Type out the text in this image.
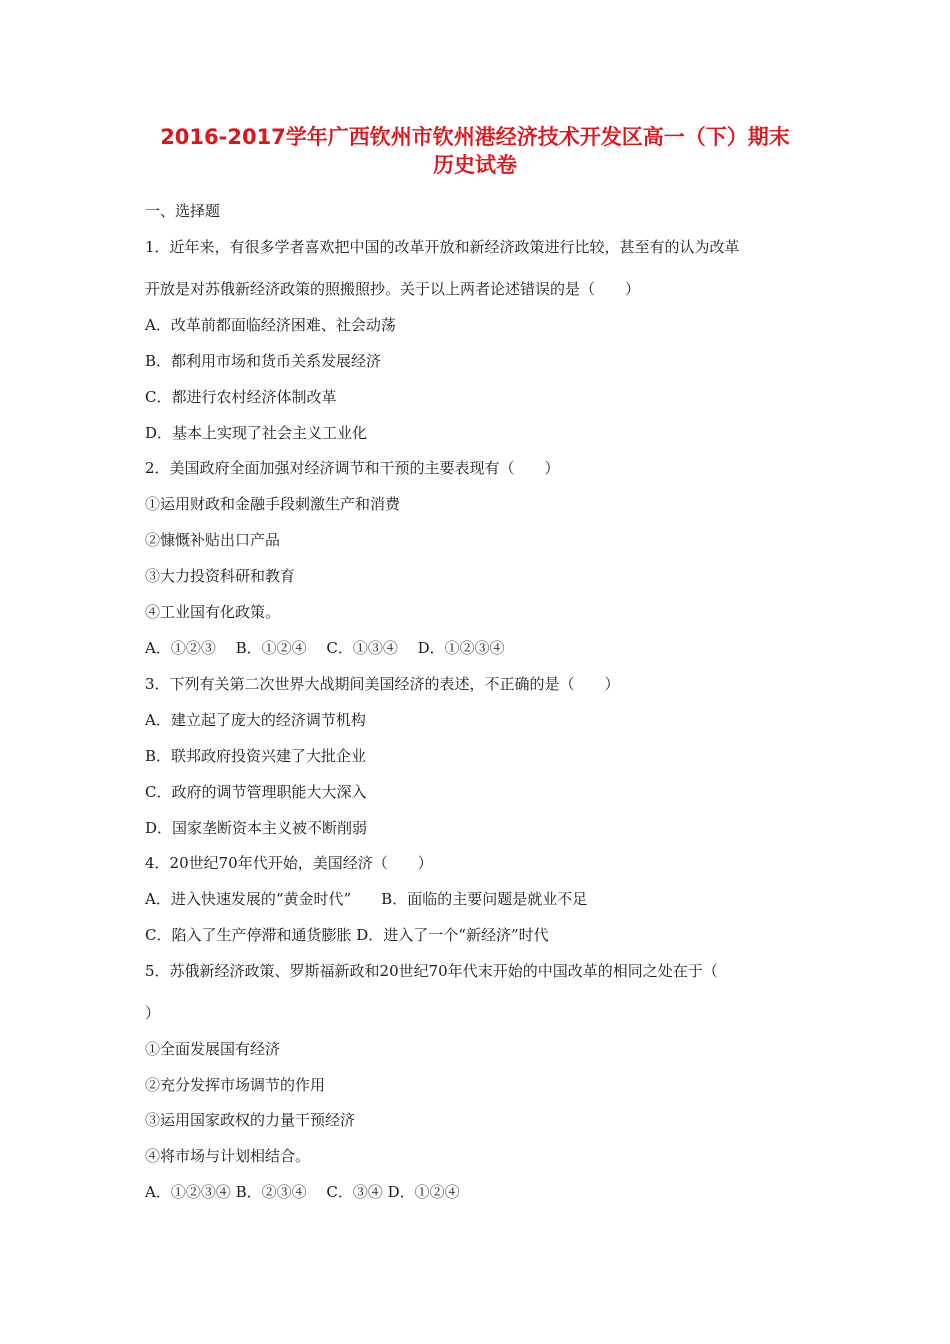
2016-2017学年广西钦州市钦州港经济技术开发区高一（下）期末
历史试卷
一、选择题
1．近年来，有很多学者喜欢把中国的改革开放和新经济政策进行比较，甚至有的认为改革
开放是对苏俄新经济政策的照搬照抄。关于以上两者论述错误的是（　　）
A．改革前都面临经济困难、社会动荡
B．都利用市场和货币关系发展经济
C．都进行农村经济体制改革
D．基本上实现了社会主义工业化
2．美国政府全面加强对经济调节和干预的主要表现有（　　）
①运用财政和金融手段刺激生产和消费
②慷慨补贴出口产品
③大力投资科研和教育
④工业国有化政策。
A．①②③　 B．①②④　 C．①③④　 D．①②③④
3．下列有关第二次世界大战期间美国经济的表述，不正确的是（　　）
A．建立起了庞大的经济调节机构
B．联邦政府投资兴建了大批企业
C．政府的调节管理职能大大深入
D．国家垄断资本主义被不断削弱
4．20世纪70年代开始，美国经济（　　）
A．进入快速发展的“黄金时代”　　B．面临的主要问题是就业不足
C．陷入了生产停滞和通货膨胀 D．进入了一个“新经济”时代
5．苏俄新经济政策、罗斯福新政和20世纪70年代末开始的中国改革的相同之处在于（
）
①全面发展国有经济
②充分发挥市场调节的作用
③运用国家政权的力量干预经济
④将市场与计划相结合。
A．①②③④ B．②③④　 C．③④ D．①②④
